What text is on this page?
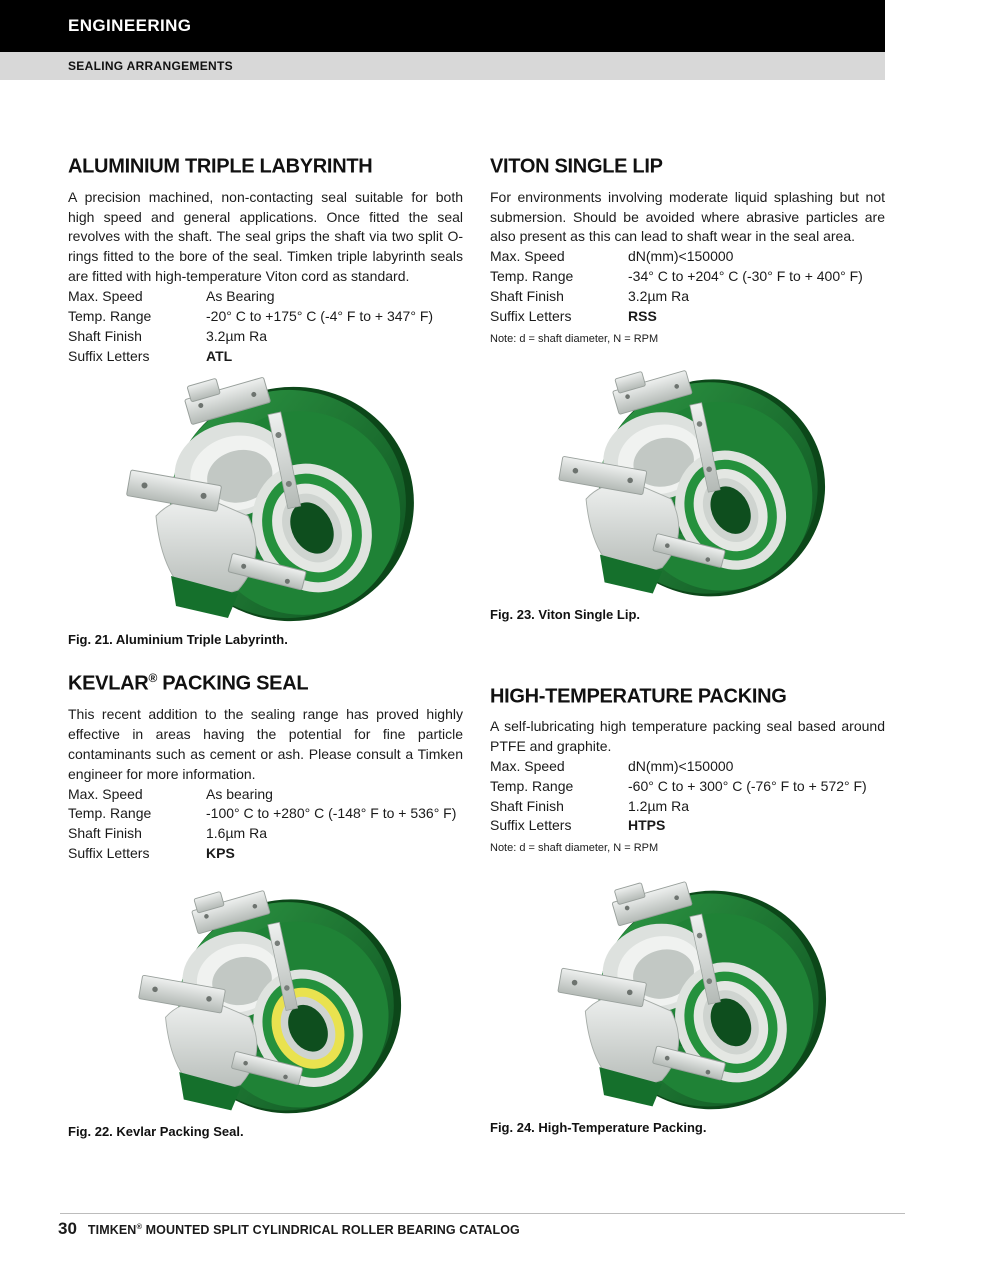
ENGINEERING
SEALING ARRANGEMENTS
ALUMINIUM TRIPLE LABYRINTH

A precision machined, non-contacting seal suitable for both high speed and general applications. Once fitted the seal revolves with the shaft. The seal grips the shaft via two split O-rings fitted to the bore of the seal. Timken triple labyrinth seals are fitted with high-temperature Viton cord as standard.

Max. Speed	As Bearing
Temp. Range	-20° C to +175° C (-4° F to + 347° F)
Shaft Finish	3.2µm Ra
Suffix Letters	ATL
Fig. 21. Aluminium Triple Labyrinth.
KEVLAR® PACKING SEAL

This recent addition to the sealing range has proved highly effective in areas having the potential for fine particle contaminants such as cement or ash. Please consult a Timken engineer for more information.

Max. Speed	As bearing
Temp. Range	-100° C to +280° C (-148° F to + 536° F)
Shaft Finish	1.6µm Ra
Suffix Letters	KPS
Fig. 22. Kevlar Packing Seal.
VITON SINGLE LIP

For environments involving moderate liquid splashing but not submersion. Should be avoided where abrasive particles are also present as this can lead to shaft wear in the seal area.

Max. Speed	dN(mm)<150000
Temp. Range	-34° C to +204° C (-30° F to + 400° F)
Shaft Finish	3.2µm Ra
Suffix Letters	RSS
Note: d = shaft diameter, N = RPM
Fig. 23. Viton Single Lip.
HIGH-TEMPERATURE PACKING

A self-lubricating high temperature packing seal based around PTFE and graphite.

Max. Speed	dN(mm)<150000
Temp. Range	-60° C to + 300° C (-76° F to + 572° F)
Shaft Finish	1.2µm Ra
Suffix Letters	HTPS
Note: d = shaft diameter, N = RPM
Fig. 24. High-Temperature Packing.
30 TIMKEN® MOUNTED SPLIT CYLINDRICAL ROLLER BEARING CATALOG
